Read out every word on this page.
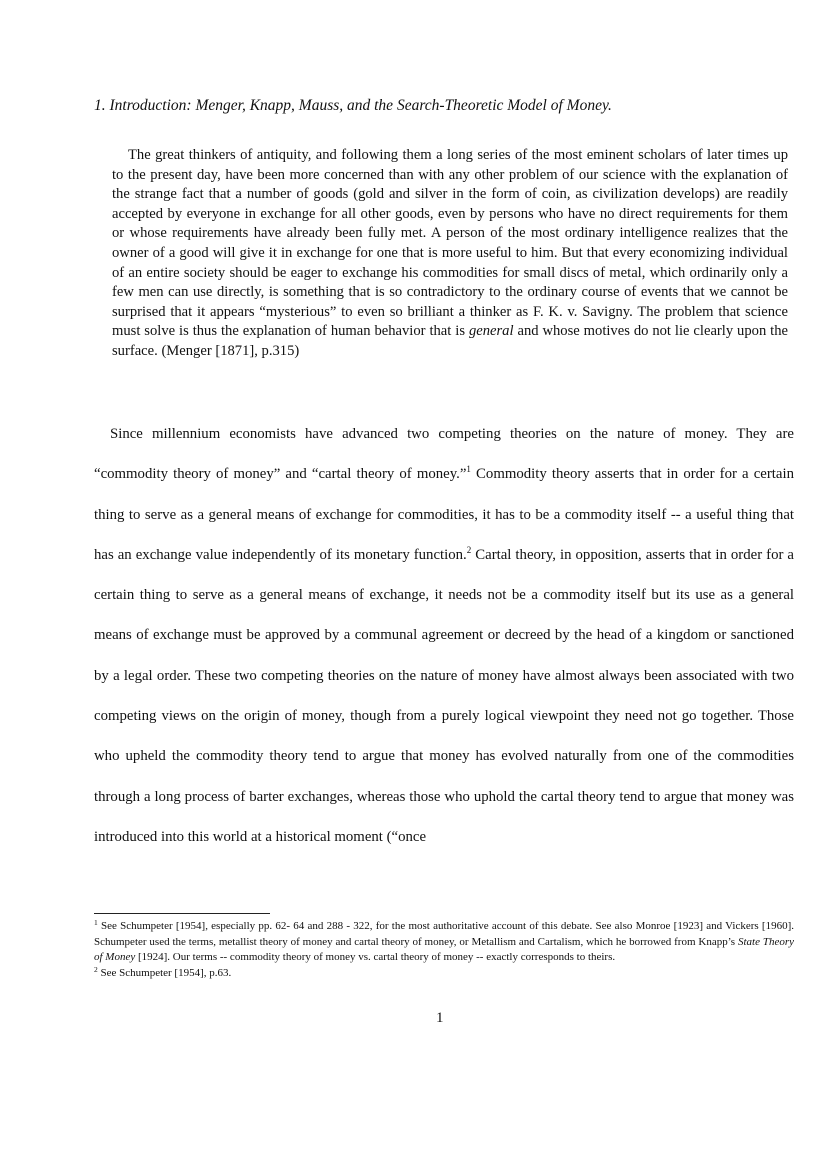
1. Introduction: Menger, Knapp, Mauss, and the Search-Theoretic Model of Money.
The great thinkers of antiquity, and following them a long series of the most eminent scholars of later times up to the present day, have been more concerned than with any other problem of our science with the explanation of the strange fact that a number of goods (gold and silver in the form of coin, as civilization develops) are readily accepted by everyone in exchange for all other goods, even by persons who have no direct requirements for them or whose requirements have already been fully met. A person of the most ordinary intelligence realizes that the owner of a good will give it in exchange for one that is more useful to him. But that every economizing individual of an entire society should be eager to exchange his commodities for small discs of metal, which ordinarily only a few men can use directly, is something that is so contradictory to the ordinary course of events that we cannot be surprised that it appears “mysterious” to even so brilliant a thinker as F. K. v. Savigny. The problem that science must solve is thus the explanation of human behavior that is general and whose motives do not lie clearly upon the surface. (Menger [1871], p.315)
Since millennium economists have advanced two competing theories on the nature of money. They are “commodity theory of money” and “cartal theory of money.”$^1$ Commodity theory asserts that in order for a certain thing to serve as a general means of exchange for commodities, it has to be a commodity itself -- a useful thing that has an exchange value independently of its monetary function.$^2$ Cartal theory, in opposition, asserts that in order for a certain thing to serve as a general means of exchange, it needs not be a commodity itself but its use as a general means of exchange must be approved by a communal agreement or decreed by the head of a kingdom or sanctioned by a legal order. These two competing theories on the nature of money have almost always been associated with two competing views on the origin of money, though from a purely logical viewpoint they need not go together. Those who upheld the commodity theory tend to argue that money has evolved naturally from one of the commodities through a long process of barter exchanges, whereas those who uphold the cartal theory tend to argue that money was introduced into this world at a historical moment (“once

$^1$ See Schumpeter [1954], especially pp. 62- 64 and 288 - 322, for the most authoritative account of this debate. See also Monroe [1923] and Vickers [1960]. Schumpeter used the terms, metallist theory of money and cartal theory of money, or Metallism and Cartalism, which he borrowed from Knapp’s State Theory of Money [1924]. Our terms -- commodity theory of money vs. cartal theory of money -- exactly corresponds to theirs.

$^2$ See Schumpeter [1954], p.63.

1
